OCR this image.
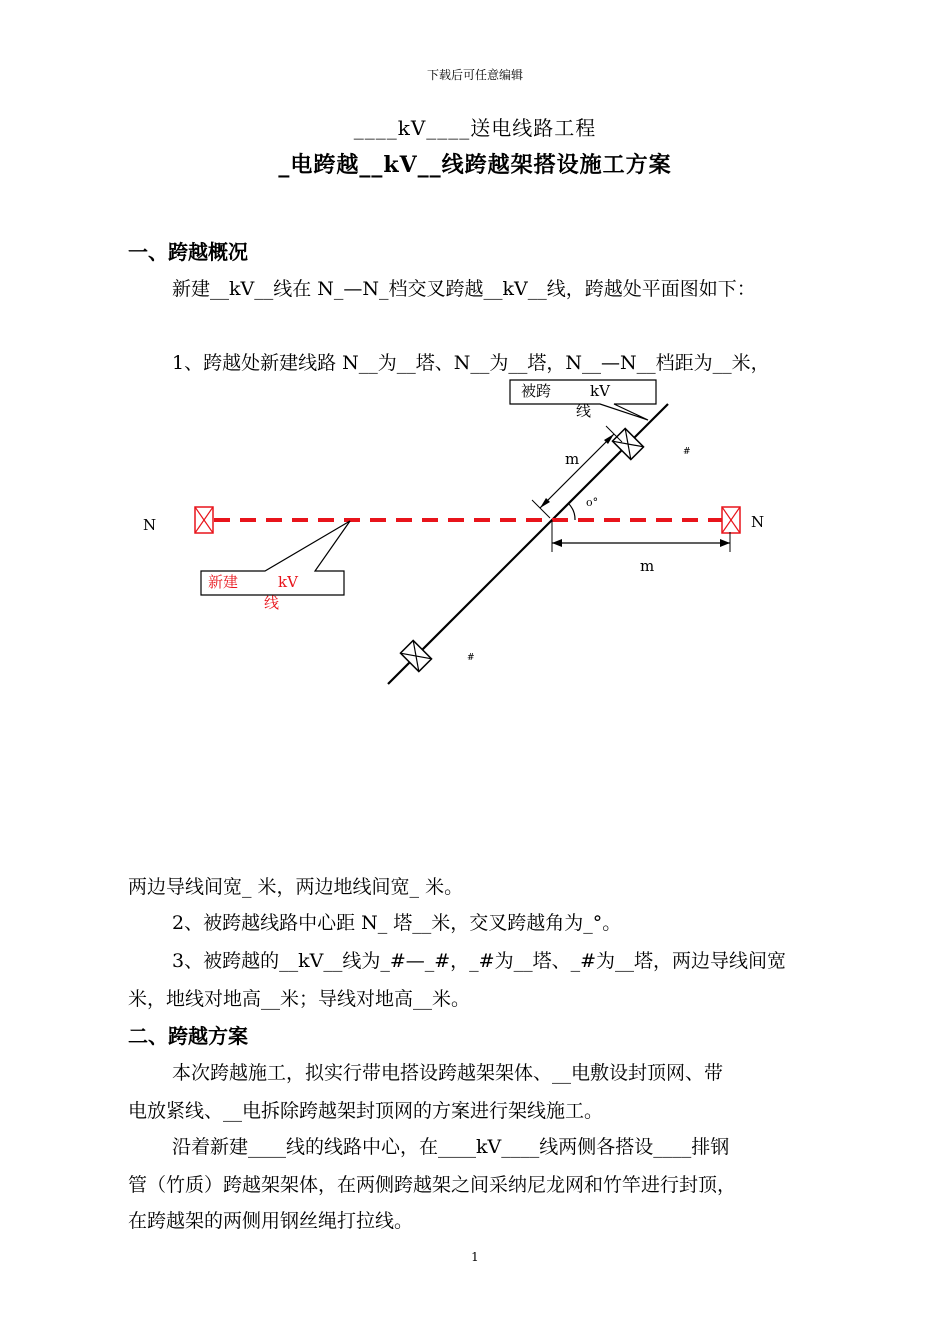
下载后可任意编辑
____kV____送电线路工程
_电跨越__kV__线跨越架搭设施工方案
一、跨越概况
新建__kV__线在 N_—N_档交叉跨越__kV__线，跨越处平面图如下：
1、跨越处新建线路 N__为__塔、N__为__塔，N__—N__档距为__米，
被跨	kV
线
新建	kV
线
m
m
o°
#
#
N	N
两边导线间宽_ 米，两边地线间宽_ 米。
2、被跨越线路中心距 N_ 塔__米，交叉跨越角为_°。
3、被跨越的__kV__线为_#—_#，_#为__塔、_#为__塔，两边导线间宽
米，地线对地高__米；导线对地高__米。
二、跨越方案
本次跨越施工，拟实行带电搭设跨越架架体、__电敷设封顶网、带
电放紧线、__电拆除跨越架封顶网的方案进行架线施工。
沿着新建____线的线路中心，在____kV____线两侧各搭设____排钢
管（竹质）跨越架架体，在两侧跨越架之间采纳尼龙网和竹竿进行封顶，
在跨越架的两侧用钢丝绳打拉线。
1
